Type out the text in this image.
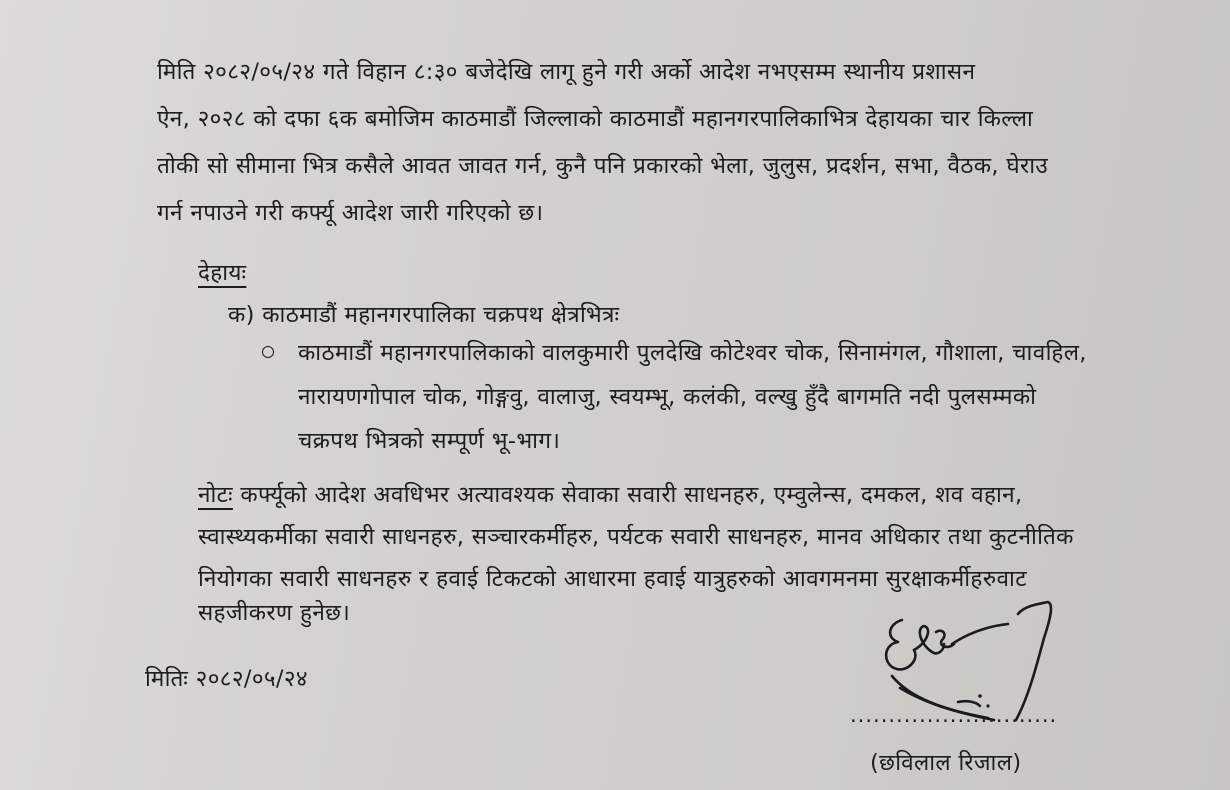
मिति २०८२/०५/२४ गते विहान ८:३० बजेदेखि लागू हुने गरी अर्को आदेश नभएसम्म स्थानीय प्रशासन
ऐन, २०२८ को दफा ६क बमोजिम काठमाडौं जिल्लाको काठमाडौं महानगरपालिकाभित्र देहायका चार किल्ला
तोकी सो सीमाना भित्र कसैले आवत जावत गर्न, कुनै पनि प्रकारको भेला, जुलुस, प्रदर्शन, सभा, वैठक, घेराउ
गर्न नपाउने गरी कर्फ्यू आदेश जारी गरिएको छ।
देहायः
क) काठमाडौं महानगरपालिका चक्रपथ क्षेत्रभित्रः
काठमाडौं महानगरपालिकाको वालकुमारी पुलदेखि कोटेश्वर चोक, सिनामंगल, गौशाला, चावहिल,
नारायणगोपाल चोक, गोङ्गवु, वालाजु, स्वयम्भू, कलंकी, वल्खु हुँदै बागमति नदी पुलसम्मको
चक्रपथ भित्रको सम्पूर्ण भू-भाग।
नोटः कर्फ्यूको आदेश अवधिभर अत्यावश्यक सेवाका सवारी साधनहरु, एम्वुलेन्स, दमकल, शव वहान,
स्वास्थ्यकर्मीका सवारी साधनहरु, सञ्चारकर्मीहरु, पर्यटक सवारी साधनहरु, मानव अधिकार तथा कुटनीतिक
नियोगका सवारी साधनहरु र हवाई टिकटको आधारमा हवाई यात्रुहरुको आवगमनमा सुरक्षाकर्मीहरुवाट
सहजीकरण हुनेछ।
मितिः २०८२/०५/२४
...........................
(छविलाल रिजाल)
